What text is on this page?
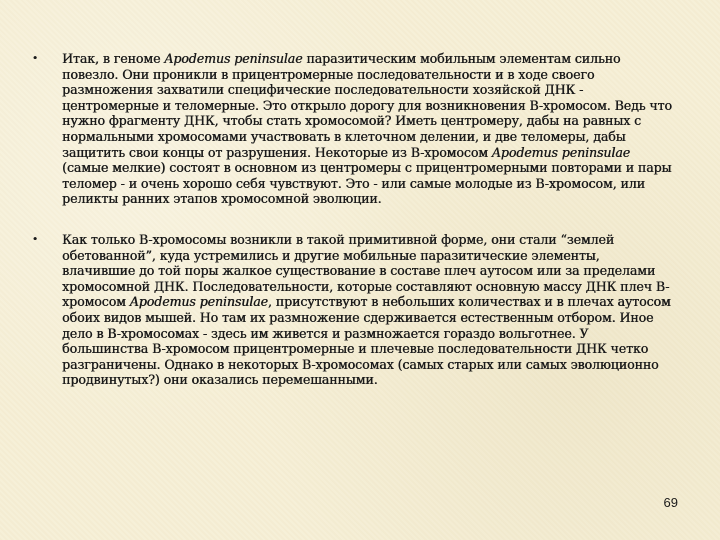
• Итак, в геноме Apodemus peninsulae паразитическим мобильным элементам сильно повезло. Они проникли в прицентромерные последовательности и в ходе своего размножения захватили специфические последовательности хозяйской ДНК - центромерные и теломерные. Это открыло дорогу для возникновения B-хромосом. Ведь что нужно фрагменту ДНК, чтобы стать хромосомой? Иметь центромеру, дабы на равных с нормальными хромосомами участвовать в клеточном делении, и две теломеры, дабы защитить свои концы от разрушения. Некоторые из B-хромосом Apodemus peninsulae (самые мелкие) состоят в основном из центромеры с прицентромерными повторами и пары теломер - и очень хорошо себя чувствуют. Это - или самые молодые из B-хромосом, или реликты ранних этапов хромосомной эволюции.
• Как только B-хромосомы возникли в такой примитивной форме, они стали “землей обетованной”, куда устремились и другие мобильные паразитические элементы, влачившие до той поры жалкое существование в составе плеч аутосом или за пределами хромосомной ДНК. Последовательности, которые составляют основную массу ДНК плеч B-хромосом Apodemus peninsulae, присутствуют в небольших количествах и в плечах аутосом обоих видов мышей. Но там их размножение сдерживается естественным отбором. Иное дело в B-хромосомах - здесь им живется и размножается гораздо вольготнее. У большинства B-хромосом прицентромерные и плечевые последовательности ДНК четко разграничены. Однако в некоторых B-хромосомах (самых старых или самых эволюционно продвинутых?) они оказались перемешанными.
69
